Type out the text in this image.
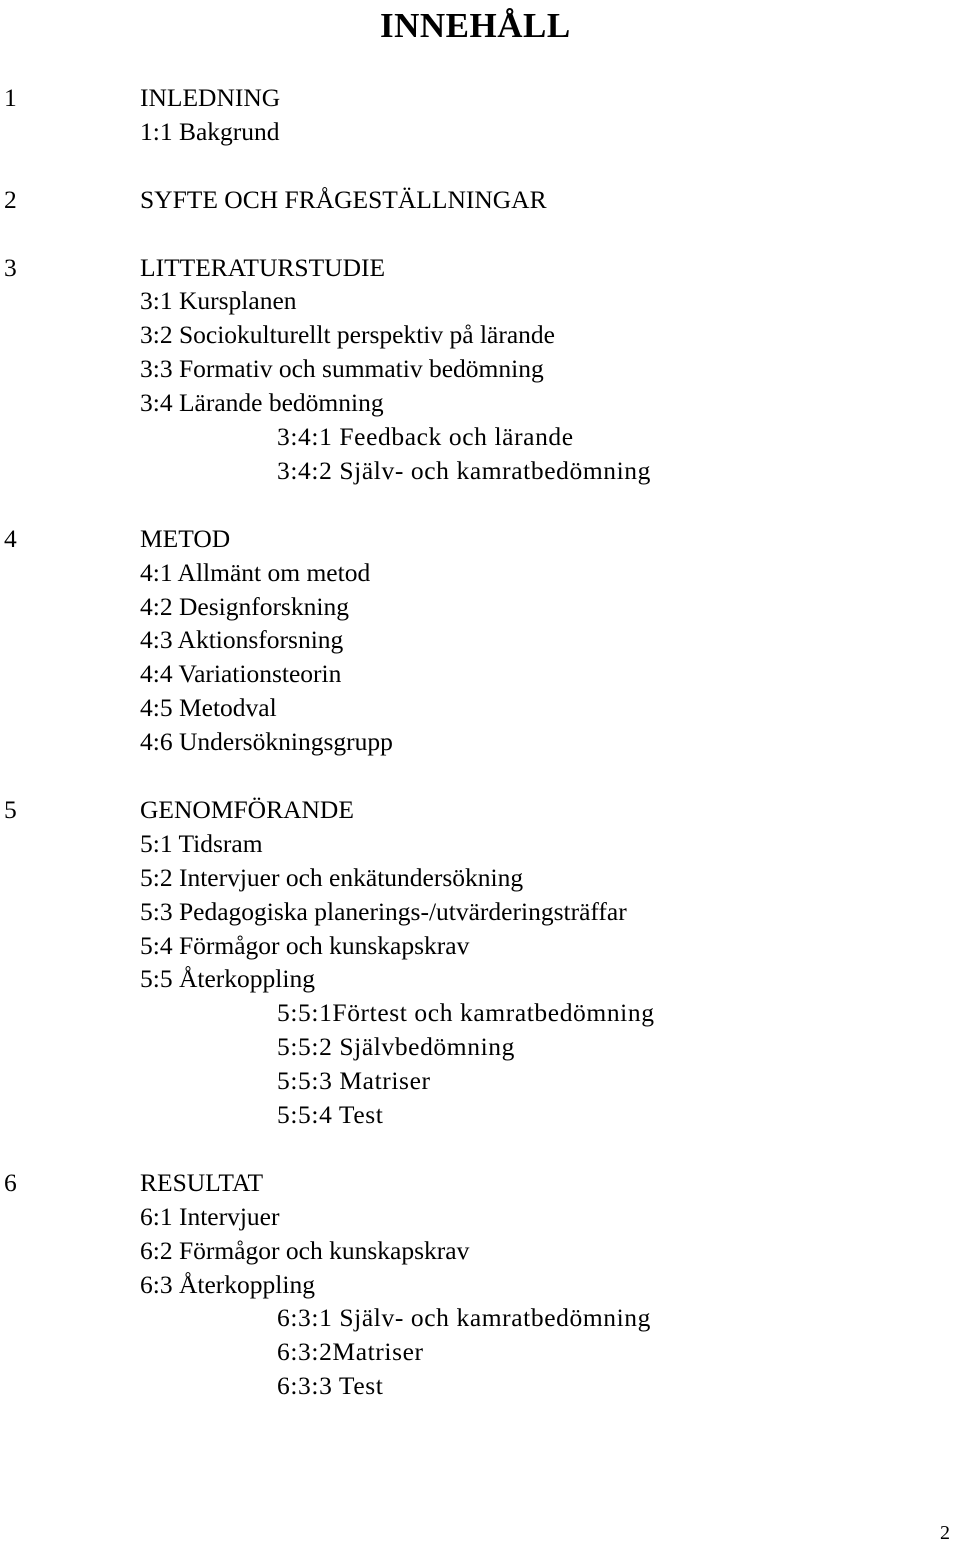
INNEHÅLL
1	INLEDNING
1:1 Bakgrund
2	SYFTE OCH FRÅGESTÄLLNINGAR
3	LITTERATURSTUDIE
3:1 Kursplanen
3:2 Sociokulturellt perspektiv på lärande
3:3 Formativ och summativ bedömning
3:4 Lärande bedömning
3:4:1 Feedback och lärande
3:4:2 Själv- och kamratbedömning
4	METOD
4:1 Allmänt om metod
4:2 Designforskning
4:3 Aktionsforsning
4:4 Variationsteorin
4:5 Metodval
4:6 Undersökningsgrupp
5	GENOMFÖRANDE
5:1 Tidsram
5:2 Intervjuer och enkätundersökning
5:3 Pedagogiska planerings-/utvärderingsträffar
5:4 Förmågor och kunskapskrav
5:5 Återkoppling
5:5:1Förtest och kamratbedömning
5:5:2 Självbedömning
5:5:3 Matriser
5:5:4 Test
6	RESULTAT
6:1 Intervjuer
6:2 Förmågor och kunskapskrav
6:3 Återkoppling
6:3:1 Själv- och kamratbedömning
6:3:2Matriser
6:3:3 Test
2
